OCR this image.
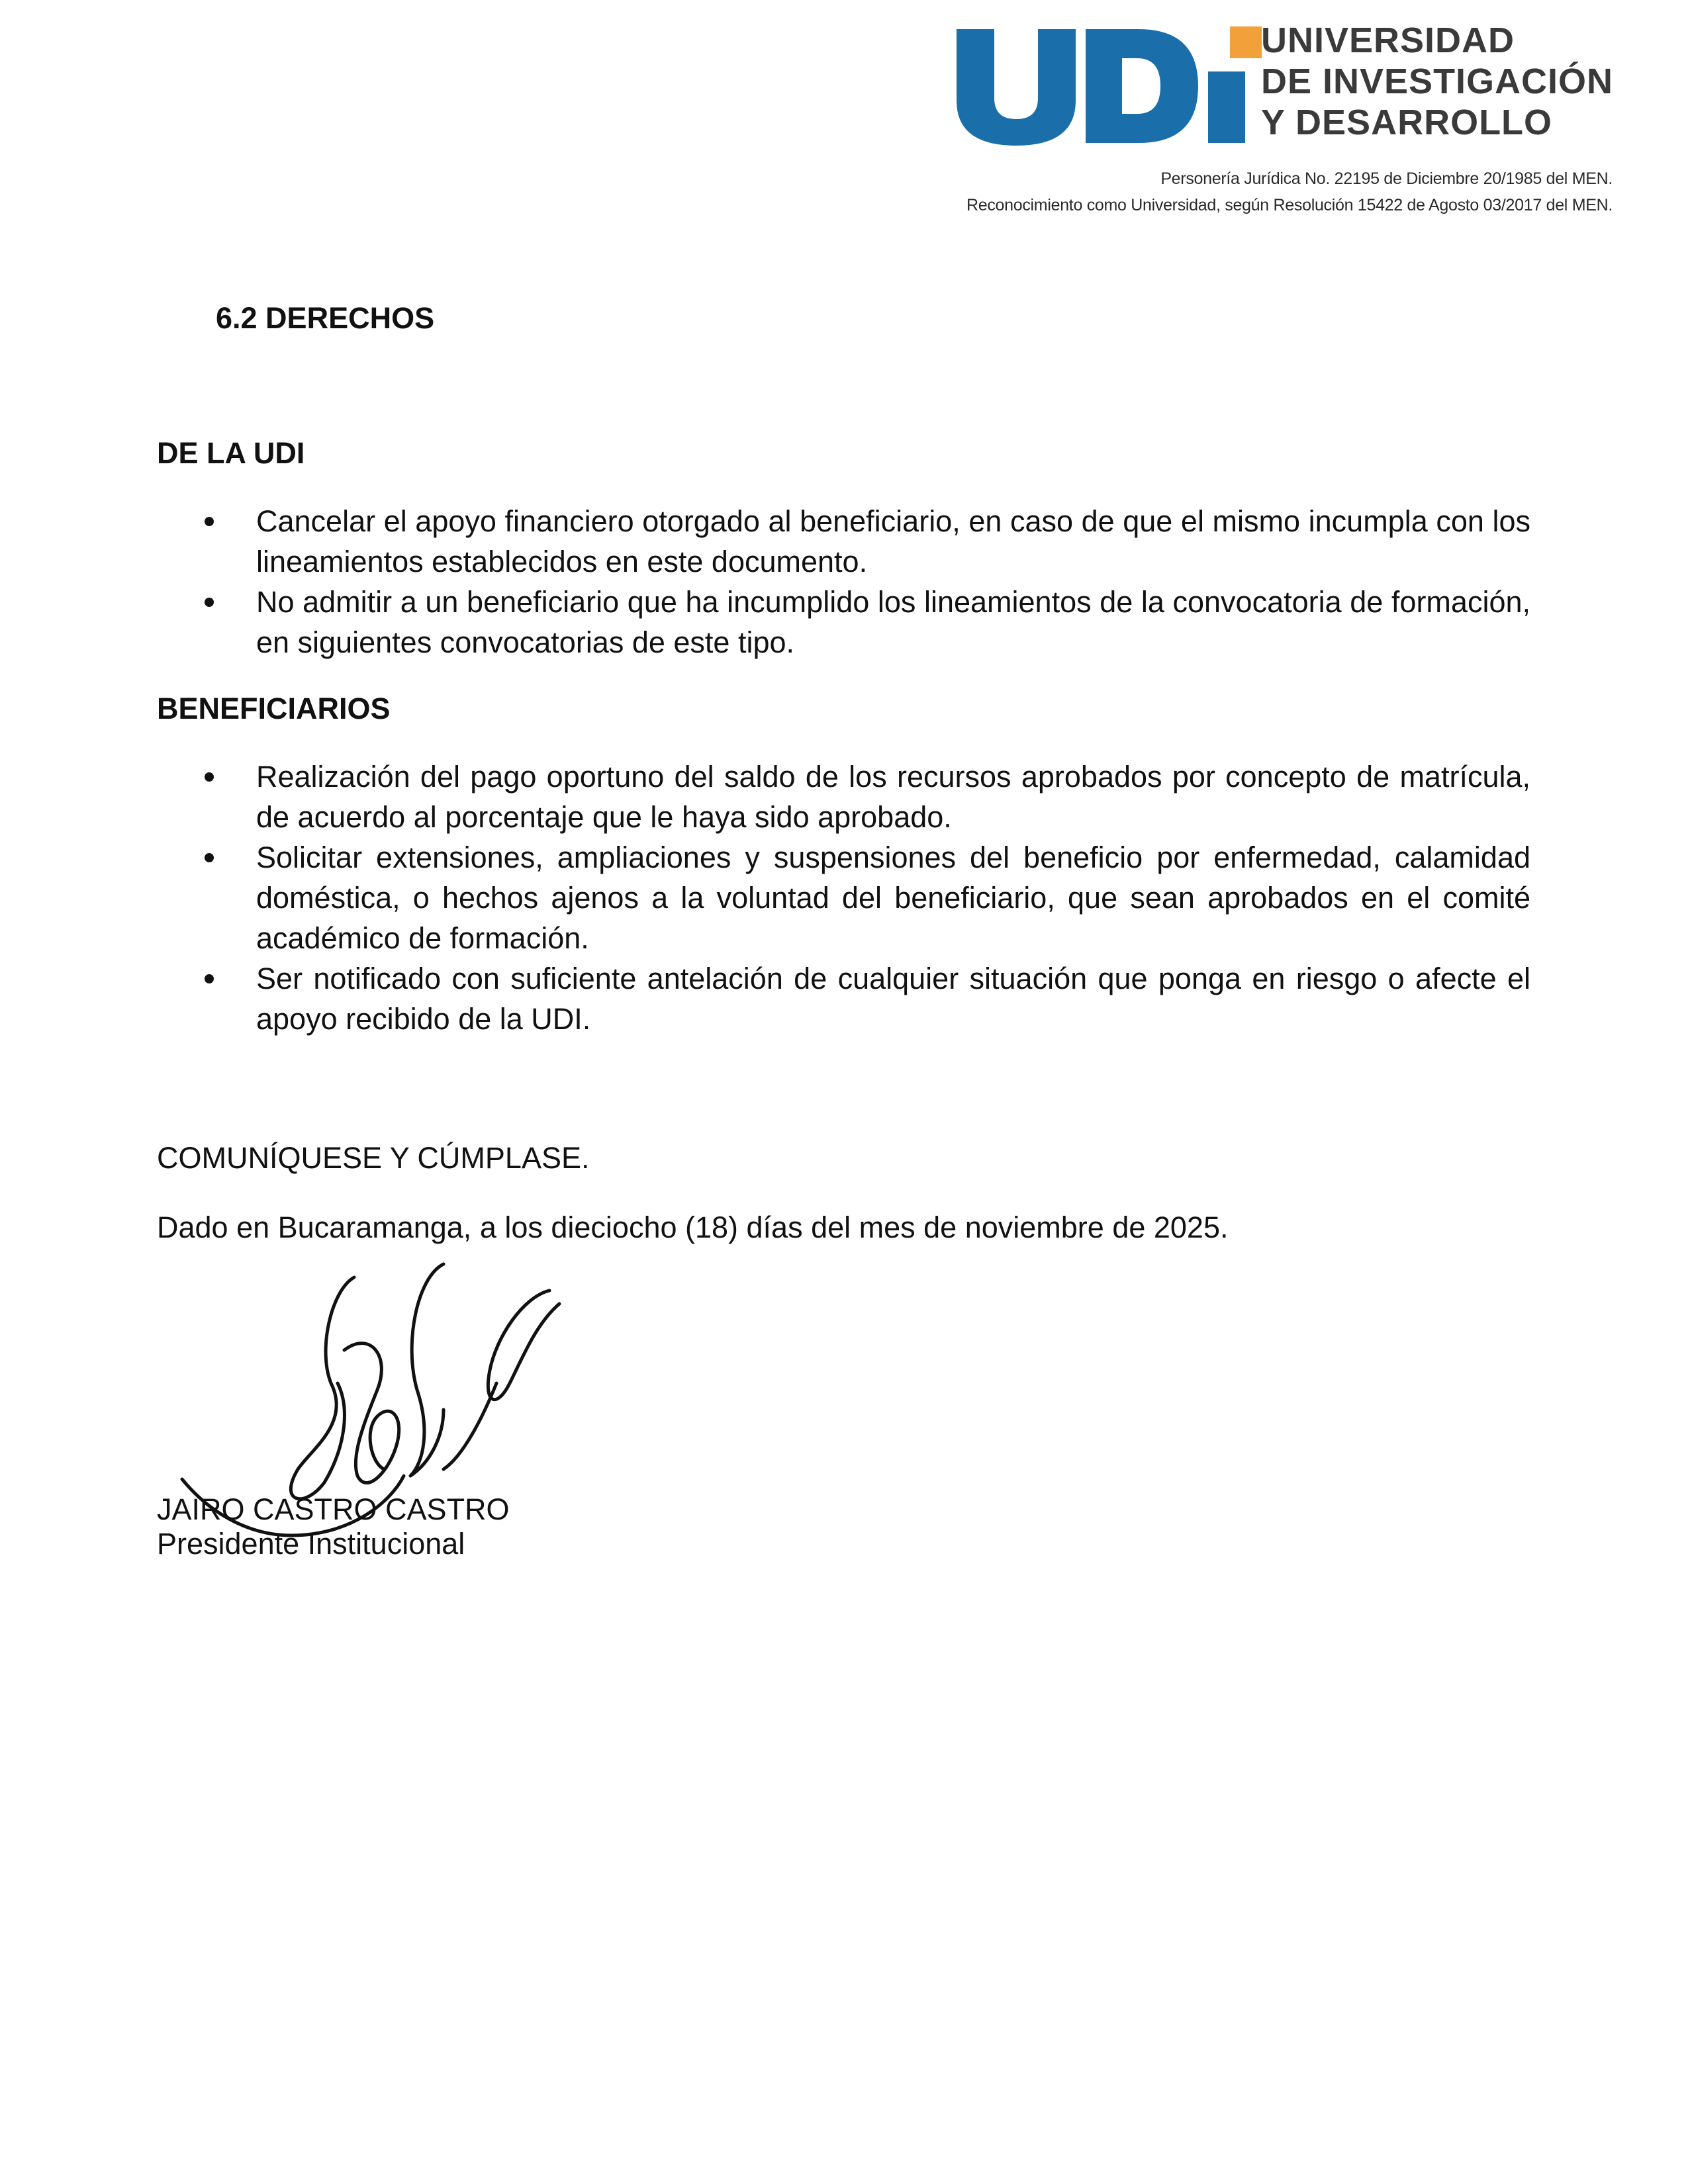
UNIVERSIDAD
DE INVESTIGACIÓN
Y DESARROLLO
Personería Jurídica No. 22195 de Diciembre 20/1985 del MEN.
Reconocimiento como Universidad, según Resolución 15422 de Agosto 03/2017 del MEN.
6.2 DERECHOS
DE LA UDI
Cancelar el apoyo financiero otorgado al beneficiario, en caso de que el mismo incumpla con los lineamientos establecidos en este documento.
No admitir a un beneficiario que ha incumplido los lineamientos de la convocatoria de formación, en siguientes convocatorias de este tipo.
BENEFICIARIOS
Realización del pago oportuno del saldo de los recursos aprobados por concepto de matrícula, de acuerdo al porcentaje que le haya sido aprobado.
Solicitar extensiones, ampliaciones y suspensiones del beneficio por enfermedad, calamidad doméstica, o hechos ajenos a la voluntad del beneficiario, que sean aprobados en el comité académico de formación.
Ser notificado con suficiente antelación de cualquier situación que ponga en riesgo o afecte el apoyo recibido de la UDI.

COMUNÍQUESE Y CÚMPLASE.

Dado en Bucaramanga, a los dieciocho (18) días del mes de noviembre de 2025.

JAIRO CASTRO CASTRO
Presidente Institucional
